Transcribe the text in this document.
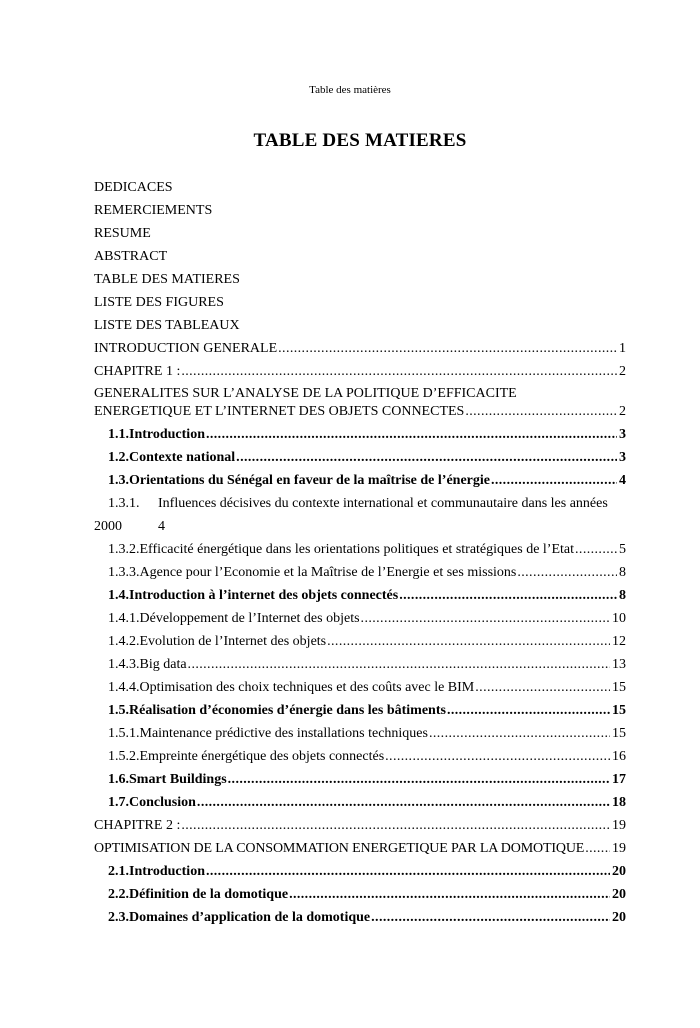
Table des matières
TABLE DES MATIERES
DEDICACES
REMERCIEMENTS
RESUME
ABSTRACT
TABLE DES MATIERES
LISTE DES FIGURES
LISTE DES TABLEAUX
INTRODUCTION GENERALE .....	1
CHAPITRE 1 : .....	2
GENERALITES SUR L’ANALYSE DE LA POLITIQUE D’EFFICACITE
ENERGETIQUE ET L’INTERNET DES OBJETS CONNECTES .....	2
1.1. Introduction .....	3
1.2. Contexte national .....	3
1.3. Orientations du Sénégal en faveur de la maîtrise de l’énergie .....	4
1.3.1.	Influences décisives du contexte international et communautaire dans les années
2000	4
1.3.2. Efficacité énergétique dans les orientations politiques et stratégiques de l’Etat .....	5
1.3.3. Agence pour l’Economie et la Maîtrise de l’Energie et ses missions .....	8
1.4. Introduction à l’internet des objets connectés .....	8
1.4.1. Développement de l’Internet des objets .....	10
1.4.2. Evolution de l’Internet des objets .....	12
1.4.3. Big data .....	13
1.4.4. Optimisation des choix techniques et des coûts avec le BIM .....	15
1.5. Réalisation d’économies d’énergie dans les bâtiments .....	15
1.5.1. Maintenance prédictive des installations techniques .....	15
1.5.2. Empreinte énergétique des objets connectés .....	16
1.6. Smart Buildings .....	17
1.7. Conclusion .....	18
CHAPITRE 2 : .....	19
OPTIMISATION DE LA CONSOMMATION ENERGETIQUE PAR LA DOMOTIQUE ..... 19
2.1. Introduction .....	20
2.2. Définition de la domotique .....	20
2.3. Domaines d’application de la domotique .....	20
